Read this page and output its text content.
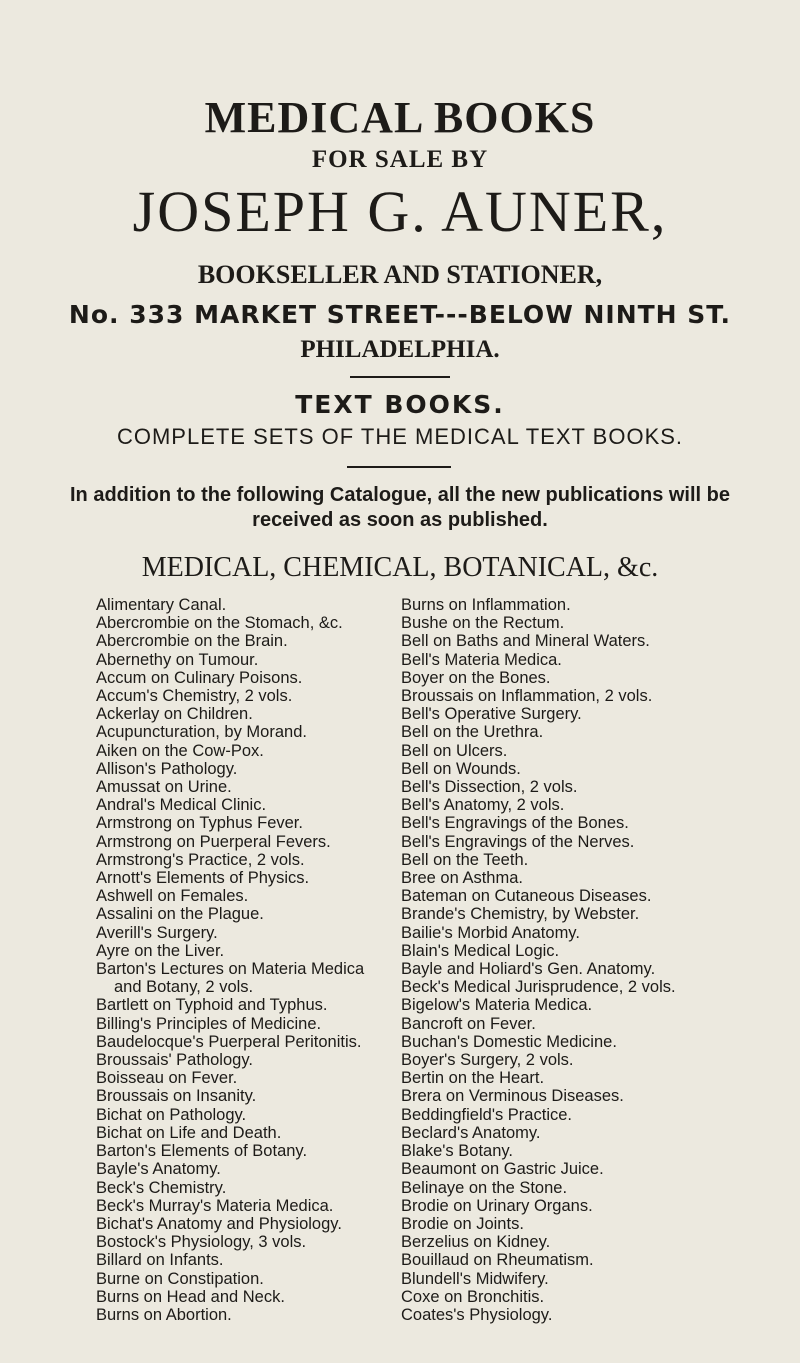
MEDICAL BOOKS
FOR SALE BY
JOSEPH G. AUNER,
BOOKSELLER AND STATIONER,
No. 333 MARKET STREET---BELOW NINTH ST.
PHILADELPHIA.
TEXT BOOKS.
COMPLETE SETS OF THE MEDICAL TEXT BOOKS.
In addition to the following Catalogue, all the new publications will be
received as soon as published.
MEDICAL, CHEMICAL, BOTANICAL, &c.
Alimentary Canal.
Abercrombie on the Stomach, &c.
Abercrombie on the Brain.
Abernethy on Tumour.
Accum on Culinary Poisons.
Accum's Chemistry, 2 vols.
Ackerlay on Children.
Acupuncturation, by Morand.
Aiken on the Cow-Pox.
Allison's Pathology.
Amussat on Urine.
Andral's Medical Clinic.
Armstrong on Typhus Fever.
Armstrong on Puerperal Fevers.
Armstrong's Practice, 2 vols.
Arnott's Elements of Physics.
Ashwell on Females.
Assalini on the Plague.
Averill's Surgery.
Ayre on the Liver.
Barton's Lectures on Materia Medica
and Botany, 2 vols.
Bartlett on Typhoid and Typhus.
Billing's Principles of Medicine.
Baudelocque's Puerperal Peritonitis.
Broussais' Pathology.
Boisseau on Fever.
Broussais on Insanity.
Bichat on Pathology.
Bichat on Life and Death.
Barton's Elements of Botany.
Bayle's Anatomy.
Beck's Chemistry.
Beck's Murray's Materia Medica.
Bichat's Anatomy and Physiology.
Bostock's Physiology, 3 vols.
Billard on Infants.
Burne on Constipation.
Burns on Head and Neck.
Burns on Abortion.
Burns on Inflammation.
Bushe on the Rectum.
Bell on Baths and Mineral Waters.
Bell's Materia Medica.
Boyer on the Bones.
Broussais on Inflammation, 2 vols.
Bell's Operative Surgery.
Bell on the Urethra.
Bell on Ulcers.
Bell on Wounds.
Bell's Dissection, 2 vols.
Bell's Anatomy, 2 vols.
Bell's Engravings of the Bones.
Bell's Engravings of the Nerves.
Bell on the Teeth.
Bree on Asthma.
Bateman on Cutaneous Diseases.
Brande's Chemistry, by Webster.
Bailie's Morbid Anatomy.
Blain's Medical Logic.
Bayle and Holiard's Gen. Anatomy.
Beck's Medical Jurisprudence, 2 vols.
Bigelow's Materia Medica.
Bancroft on Fever.
Buchan's Domestic Medicine.
Boyer's Surgery, 2 vols.
Bertin on the Heart.
Brera on Verminous Diseases.
Beddingfield's Practice.
Beclard's Anatomy.
Blake's Botany.
Beaumont on Gastric Juice.
Belinaye on the Stone.
Brodie on Urinary Organs.
Brodie on Joints.
Berzelius on Kidney.
Bouillaud on Rheumatism.
Blundell's Midwifery.
Coxe on Bronchitis.
Coates's Physiology.
